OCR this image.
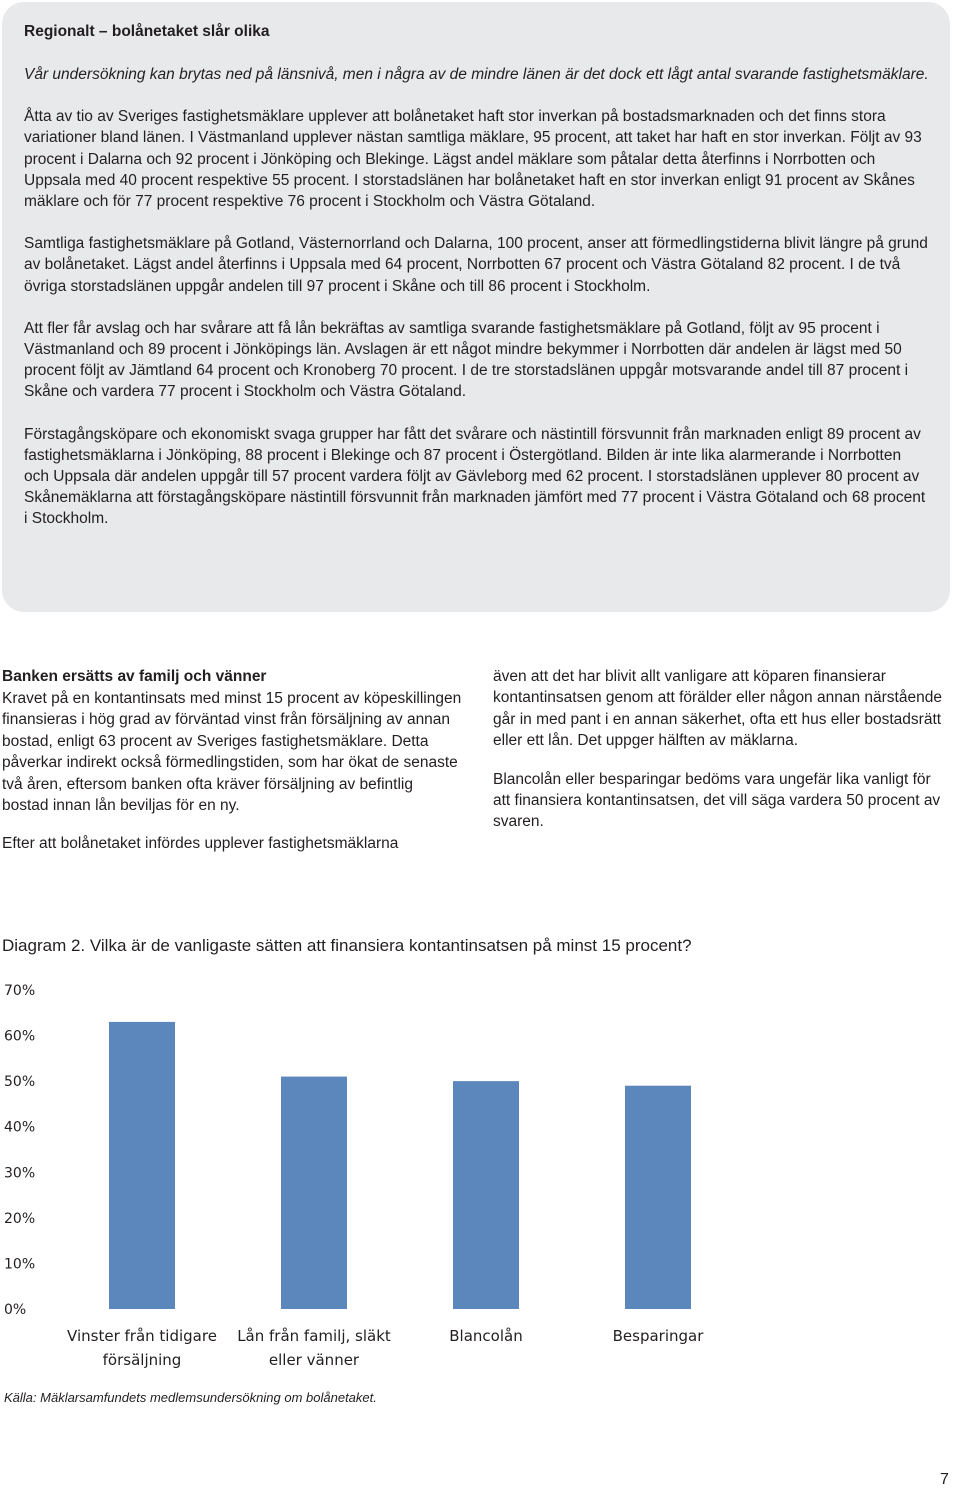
Regionalt – bolånetaket slår olika

Vår undersökning kan brytas ned på länsnivå, men i några av de mindre länen är det dock ett lågt antal svarande fastighetsmäklare.

Åtta av tio av Sveriges fastighetsmäklare upplever att bolånetaket haft stor inverkan på bostadsmarknaden och det finns stora variationer bland länen. I Västmanland upplever nästan samtliga mäklare, 95 procent, att taket har haft en stor inverkan. Följt av 93 procent i Dalarna och 92 procent i Jönköping och Blekinge. Lägst andel mäklare som påtalar detta återfinns i Norrbotten och Uppsala med 40 procent respektive 55 procent. I storstadslänen har bolånetaket haft en stor inverkan enligt 91 procent av Skånes mäklare och för 77 procent respektive 76 procent i Stockholm och Västra Götaland.

Samtliga fastighetsmäklare på Gotland, Västernorrland och Dalarna, 100 procent, anser att förmedlingstiderna blivit längre på grund av bolånetaket. Lägst andel återfinns i Uppsala med 64 procent, Norrbotten 67 procent och Västra Götaland 82 procent. I de två övriga storstadslänen uppgår andelen till 97 procent i Skåne och till 86 procent i Stockholm.

Att fler får avslag och har svårare att få lån bekräftas av samtliga svarande fastighetsmäklare på Gotland, följt av 95 procent i Västmanland och 89 procent i Jönköpings län. Avslagen är ett något mindre bekymmer i Norrbotten där andelen är lägst med 50 procent följt av Jämtland 64 procent och Kronoberg 70 procent. I de tre storstadslänen uppgår motsvarande andel till 87 procent i Skåne och vardera 77 procent i Stockholm och Västra Götaland.

Förstagångsköpare och ekonomiskt svaga grupper har fått det svårare och nästintill försvunnit från marknaden enligt 89 procent av fastighetsmäklarna i Jönköping, 88 procent i Blekinge och 87 procent i Östergötland. Bilden är inte lika alarmerande i Norrbotten och Uppsala där andelen uppgår till 57 procent vardera följt av Gävleborg med 62 procent. I storstadslänen upplever 80 procent av Skånemäklarna att förstagångsköpare nästintill försvunnit från marknaden jämfört med 77 procent i Västra Götaland och 68 procent i Stockholm.

Banken ersätts av familj och vänner

Kravet på en kontantinsats med minst 15 procent av köpeskillingen finansieras i hög grad av förväntad vinst från försäljning av annan bostad, enligt 63 procent av Sveriges fastighetsmäklare. Detta påverkar indirekt också förmedlingstiden, som har ökat de senaste två åren, eftersom banken ofta kräver försäljning av befintlig bostad innan lån beviljas för en ny.

Efter att bolånetaket infördes upplever fastighetsmäklarna

även att det har blivit allt vanligare att köparen finansierar kontantinsatsen genom att förälder eller någon annan närstående går in med pant i en annan säkerhet, ofta ett hus eller bostadsrätt eller ett lån. Det uppger hälften av mäklarna.

Blancolån eller besparingar bedöms vara ungefär lika vanligt för att finansiera kontantinsatsen, det vill säga vardera 50 procent av svaren.

Diagram 2. Vilka är de vanligaste sätten att finansiera kontantinsatsen på minst 15 procent?
0%
10%
20%
30%
40%
50%
60%
70%
Vinster från tidigare
försäljning
Lån från familj, släkt
eller vänner
Blancolån	Besparingar
Källa: Mäklarsamfundets medlemsundersökning om bolånetaket.
7
